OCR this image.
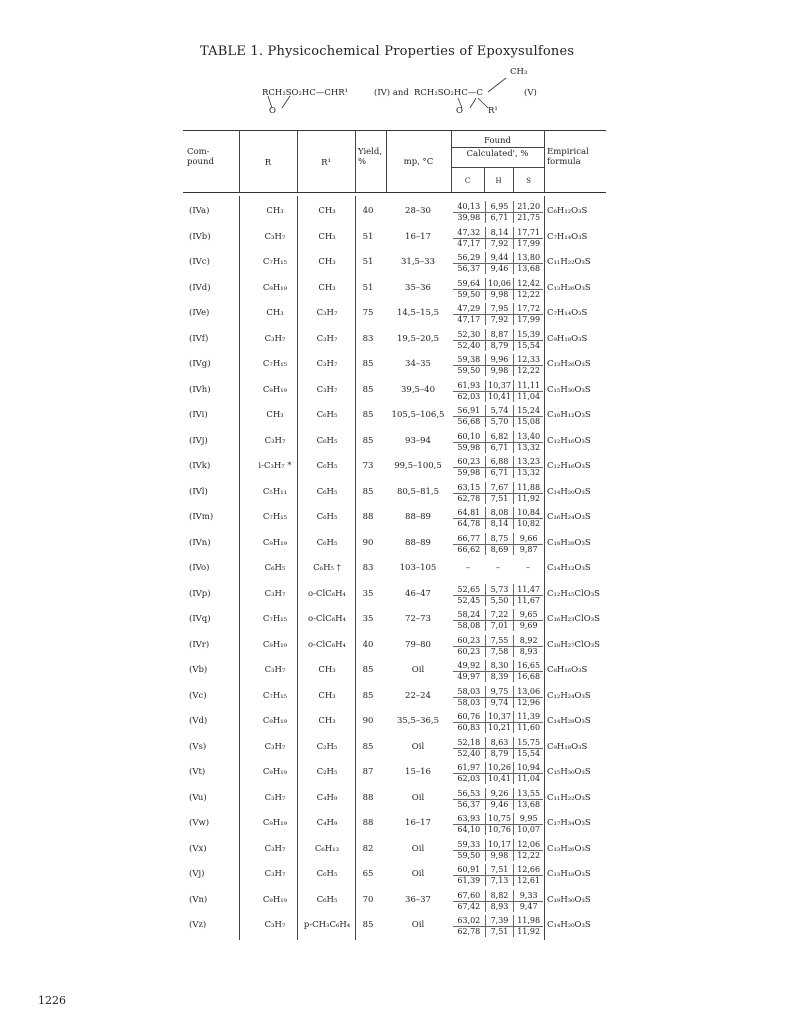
TABLE 1. Physicochemical Properties of Epoxysulfones
RCH₂SO₂HC—CHR¹
O
(IV) and RCH₂SO₂HC—C
CH₃
O	R¹
(V)
Com-
pound	R	R¹
Yield,
%	mp, °C
Found
Calculated', %
C	H	S
Empirical
formula
(IVa)	CH₃	CH₃	40	28–30	40,13	6,95	21,20
39,98	6,71	21,75
C₆H₁₂O₃S
(IVb)	C₃H₇	CH₃	51	16–17	47,32	8,14	17,71
47,17	7,92	17,99
C₇H₁₄O₃S
(IVc)	C₇H₁₅	CH₃	51	31,5–33	56,29	9,44	13,80
56,37	9,46	13,68
C₁₁H₂₂O₃S
(IVd)	C₉H₁₉	CH₃	51	35–36	59,64 10,06 12,42
59,50	9,98	12,22
C₁₃H₂₆O₃S
(IVe)	CH₃	C₃H₇	75	14,5–15,5	47,29	7,95	17,72
47,17	7,92	17,99
C₇H₁₄O₃S
(IVf)	C₃H₇	C₃H₇	83	19,5–20,5	52,30	8,87	15,39
52,40	8,79	15,54
C₉H₁₈O₃S
(IVg)	C₇H₁₅	C₃H₇	85	34–35	59,38	9,96	12,33
59,50	9,98	12,22
C₁₃H₂₆O₃S
(IVh)	C₉H₁₉	C₃H₇	85	39,5–40	61,93 10,37 11,11
62,03 10,41 11,04
C₁₅H₃₀O₃S
(IVi)	CH₃	C₆H₅	85	105,5–106,5	56,91	5,74	15,24
56,68	5,70	15,08
C₁₀H₁₂O₃S
(IVj)	C₃H₇	C₆H₅	85	93–94	60,10	6,82	13,40
59,98	6,71	13,32
C₁₂H₁₆O₃S
(IVk)	i-C₃H₇ *	C₆H₅	73	99,5–100,5	60,23	6,88	13,23
59,98	6,71	13,32
C₁₂H₁₆O₃S
(IVl)	C₅H₁₁	C₆H₅	85	80,5–81,5	63,15	7,67	11,88
62,78	7,51	11,92
C₁₄H₂₀O₃S
(IVm)	C₇H₁₅	C₆H₅	88	88–89	64,81	8,08	10,84
64,78	8,14	10,82
C₁₆H₂₄O₃S
(IVn)	C₉H₁₉	C₆H₅	90	88–89	66,77	8,75	9,66
66,62	8,69	9,87
C₁₈H₂₈O₃S
(IVo)	C₆H₅	C₆H₅ †	83	103–105	–	–	–	C₁₄H₁₂O₃S
(IVp)	C₃H₇	o-ClC₆H₄	35	46–47	52,65	5,73	11,47
52,45	5,50	11,67
C₁₂H₁₅ClO₃S
(IVq)	C₇H₁₅	o-ClC₆H₄	35	72–73	58,24	7,22	9,65
58,08	7,01	9,69
C₁₆H₂₃ClO₃S
(IVr)	C₉H₁₉	o-ClC₆H₄	40	79–80	60,23	7,55	8,92
60,23	7,58	8,93
C₁₈H₂₇ClO₃S
(Vb)	C₃H₇	CH₃	85	Oil	49,92	8,30	16,65
49,97	8,39	16,68
C₈H₁₆O₃S
(Vc)	C₇H₁₅	CH₃	85	22–24	58,03	9,75	13,06
58,03	9,74	12,96
C₁₂H₂₄O₃S
(Vd)	C₉H₁₉	CH₃	90	35,5–36,5	60,76 10,37 11,39
60,83 10,21 11,60
C₁₄H₂₈O₃S
(Vs)	C₃H₇	C₂H₅	85	Oil	52,18	8,63	15,75
52,40	8,79	15,54
C₉H₁₈O₃S
(Vt)	C₉H₁₉	C₂H₅	87	15–16	61,97 10,26 10,94
62,03 10,41 11,04
C₁₅H₃₀O₃S
(Vu)	C₃H₇	C₄H₉	88	Oil	56,53	9,26	13,55
56,37	9,46	13,68
C₁₁H₂₂O₃S
(Vw)	C₉H₁₉	C₄H₉	88	16–17	63,93 10,75	9,95
64,10 10,76 10,07
C₁₇H₃₄O₃S
(Vx)	C₃H₇	C₆H₁₃	82	Oil	59,33 10,17 12,06
59,50	9,98	12,22
C₁₃H₂₆O₃S
(Vj)	C₃H₇	C₆H₅	65	Oil	60,91	7,51	12,66
61,39	7,13	12,61
C₁₃H₁₈O₃S
(Vn)	C₉H₁₉	C₆H₅	70	36–37	67,60	8,82	9,33
67,42	8,93	9,47
C₁₉H₃₀O₃S
(Vz)	C₃H₇	p-CH₃C₆H₄	85	Oil	63,02	7,39	11,98
62,78	7,51	11,92
C₁₄H₂₀O₃S
1226
